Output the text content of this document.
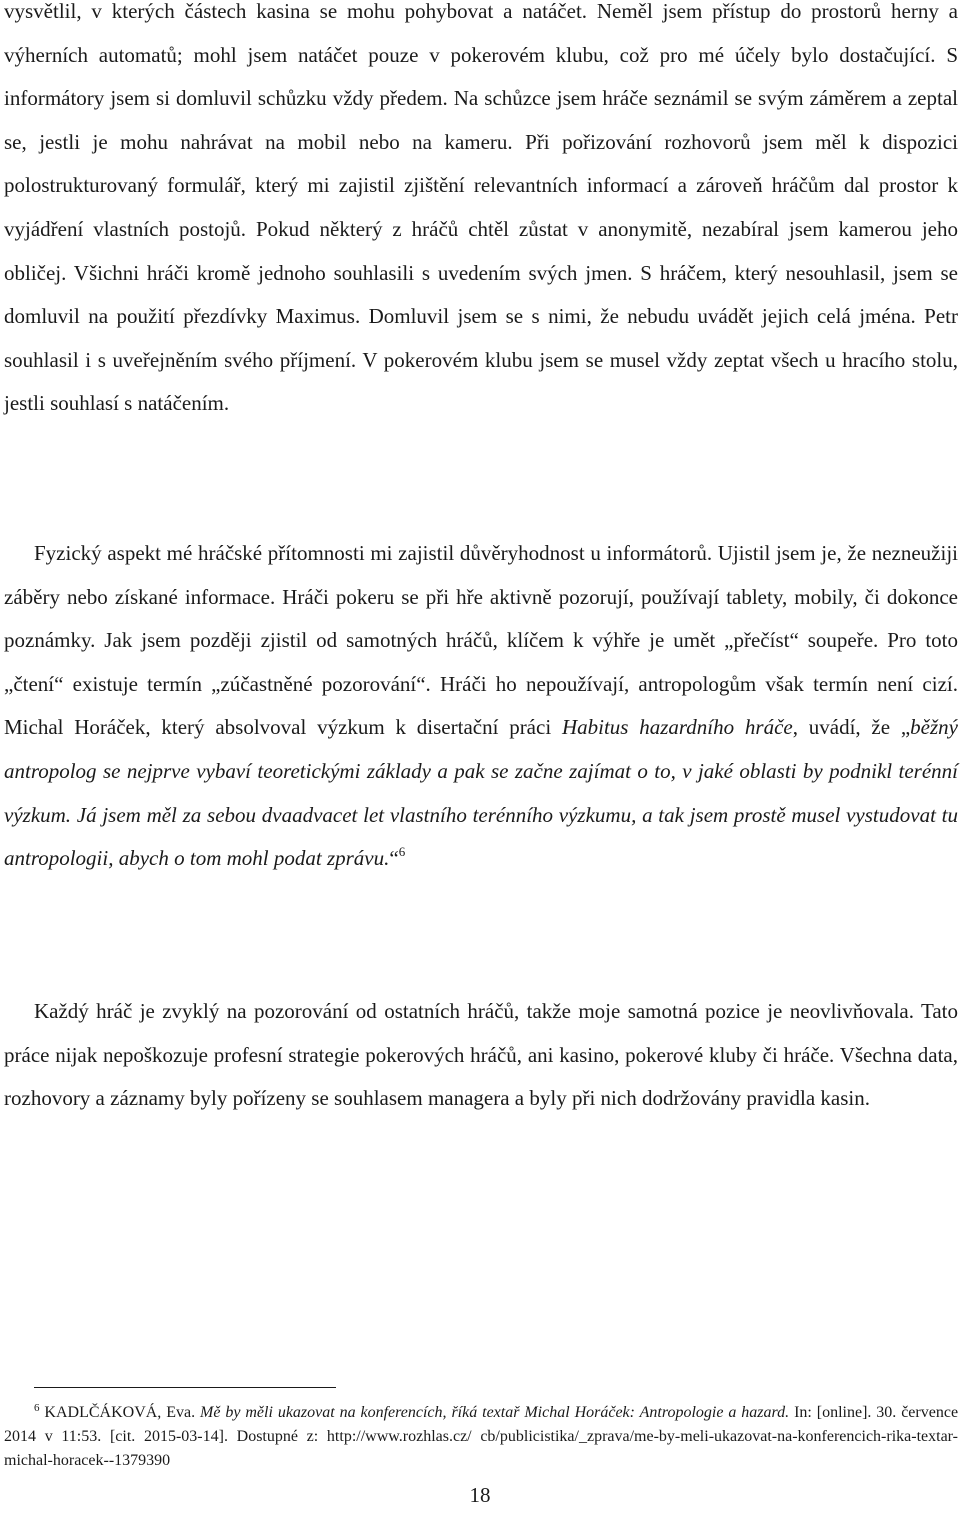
vysvětlil, v kterých částech kasina se mohu pohybovat a natáčet. Neměl jsem přístup do prostorů herny a výherních automatů; mohl jsem natáčet pouze v pokerovém klubu, což pro mé účely bylo dostačující. S informátory jsem si domluvil schůzku vždy předem. Na schůzce jsem hráče seznámil se svým záměrem a zeptal se, jestli je mohu nahrávat na mobil nebo na kameru. Při pořizování rozhovorů jsem měl k dispozici polostrukturovaný formulář, který mi zajistil zjištění relevantních informací a zároveň hráčům dal prostor k vyjádření vlastních postojů. Pokud některý z hráčů chtěl zůstat v anonymitě, nezabíral jsem kamerou jeho obličej. Všichni hráči kromě jednoho souhlasili s uvedením svých jmen. S hráčem, který nesouhlasil, jsem se domluvil na použití přezdívky Maximus. Domluvil jsem se s nimi, že nebudu uvádět jejich celá jména. Petr souhlasil i s uveřejněním svého příjmení. V pokerovém klubu jsem se musel vždy zeptat všech u hracího stolu, jestli souhlasí s natáčením.

Fyzický aspekt mé hráčské přítomnosti mi zajistil důvěryhodnost u informátorů. Ujistil jsem je, že nezneužiji záběry nebo získané informace. Hráči pokeru se při hře aktivně pozorují, používají tablety, mobily, či dokonce poznámky. Jak jsem později zjistil od samotných hráčů, klíčem k výhře je umět „přečíst“ soupeře. Pro toto „čtení“ existuje termín „zúčastněné pozorování“. Hráči ho nepoužívají, antropologům však termín není cizí. Michal Horáček, který absolvoval výzkum k disertační práci Habitus hazardního hráče, uvádí, že „běžný antropolog se nejprve vybaví teoretickými základy a pak se začne zajímat o to, v jaké oblasti by podnikl terénní výzkum. Já jsem měl za sebou dvaadvacet let vlastního terénního výzkumu, a tak jsem prostě musel vystudovat tu antropologii, abych o tom mohl podat zprávu.“$^6$

Každý hráč je zvyklý na pozorování od ostatních hráčů, takže moje samotná pozice je neovlivňovala. Tato práce nijak nepoškozuje profesní strategie pokerových hráčů, ani kasino, pokerové kluby či hráče. Všechna data, rozhovory a záznamy byly pořízeny se souhlasem managera a byly při nich dodržovány pravidla kasin.

$^6$ KADLČÁKOVÁ, Eva. Mě by měli ukazovat na konferencích, říká textař Michal Horáček: Antropologie a hazard. In: [online]. 30. července 2014 v 11:53. [cit. 2015-03-14]. Dostupné z: http://www.rozhlas.cz/ cb/publicistika/_zprava/me-by-meli-ukazovat-na-konferencich-rika-textar-michal-horacek--1379390

18
